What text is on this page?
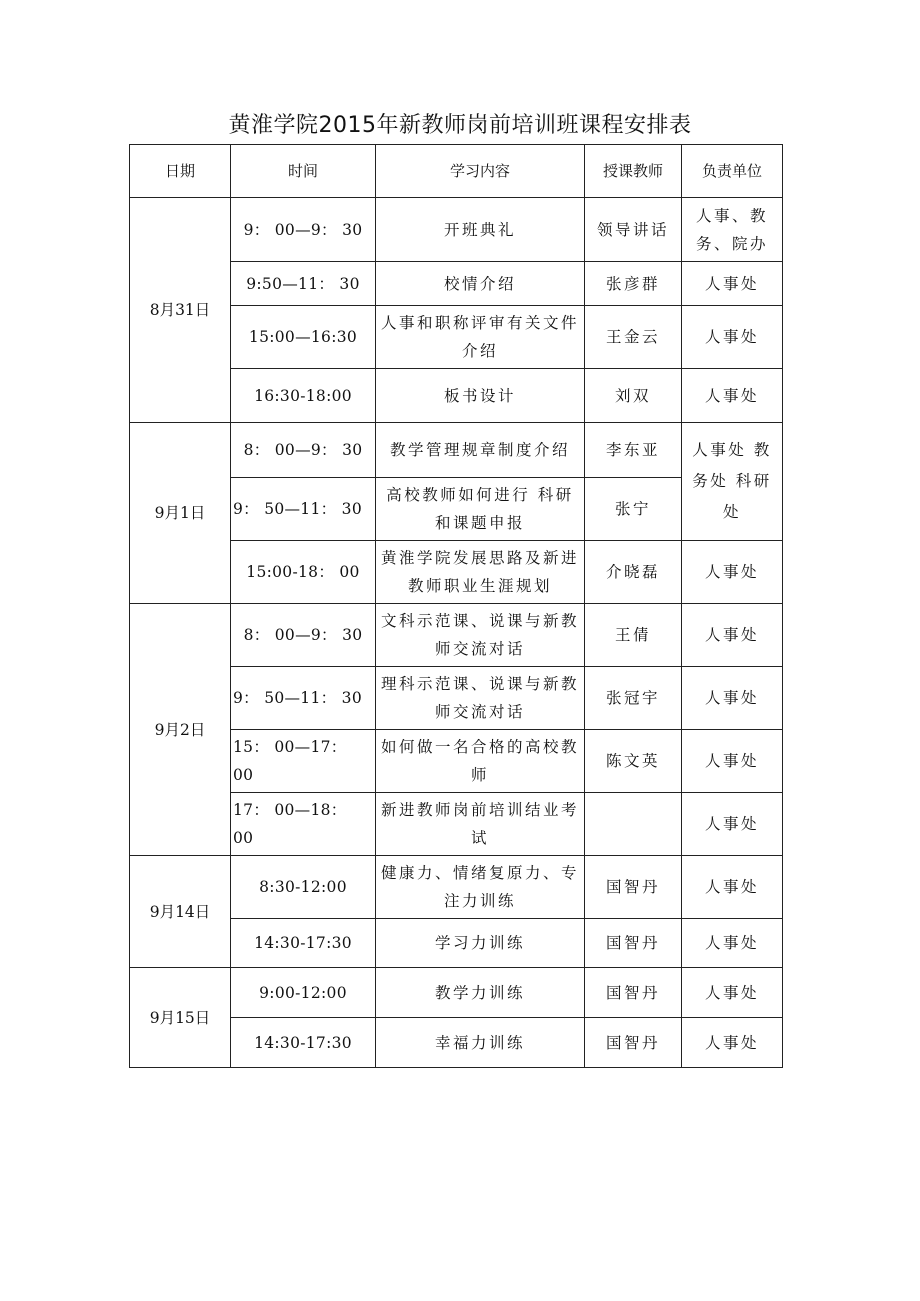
黄淮学院2015年新教师岗前培训班课程安排表
日期	时间	学习内容	授课教师	负责单位
8月31日	9： 00—9： 30	开班典礼	领导讲话	人事、教务、院办
	9:50—11： 30	校情介绍	张彦群	人事处
	15:00—16:30	人事和职称评审有关文件介绍	王金云	人事处
	16:30-18:00	板书设计	刘双	人事处
9月1日	8： 00—9： 30	教学管理规章制度介绍	李东亚	人事处 教务处 科研处
	9： 50—11： 30	高校教师如何进行 科研和课题申报	张宁	
	15:00-18： 00	黄淮学院发展思路及新进教师职业生涯规划	介晓磊	人事处
9月2日	8： 00—9： 30	文科示范课、说课与新教师交流对话	王倩	人事处
	9： 50—11： 30	理科示范课、说课与新教师交流对话	张冠宇	人事处
	15： 00—17： 00	如何做一名合格的高校教师	陈文英	人事处
	17： 00—18： 00	新进教师岗前培训结业考试		人事处
9月14日	8:30-12:00	健康力、情绪复原力、专注力训练	国智丹	人事处
	14:30-17:30	学习力训练	国智丹	人事处
9月15日	9:00-12:00	教学力训练	国智丹	人事处
	14:30-17:30	幸福力训练	国智丹	人事处
